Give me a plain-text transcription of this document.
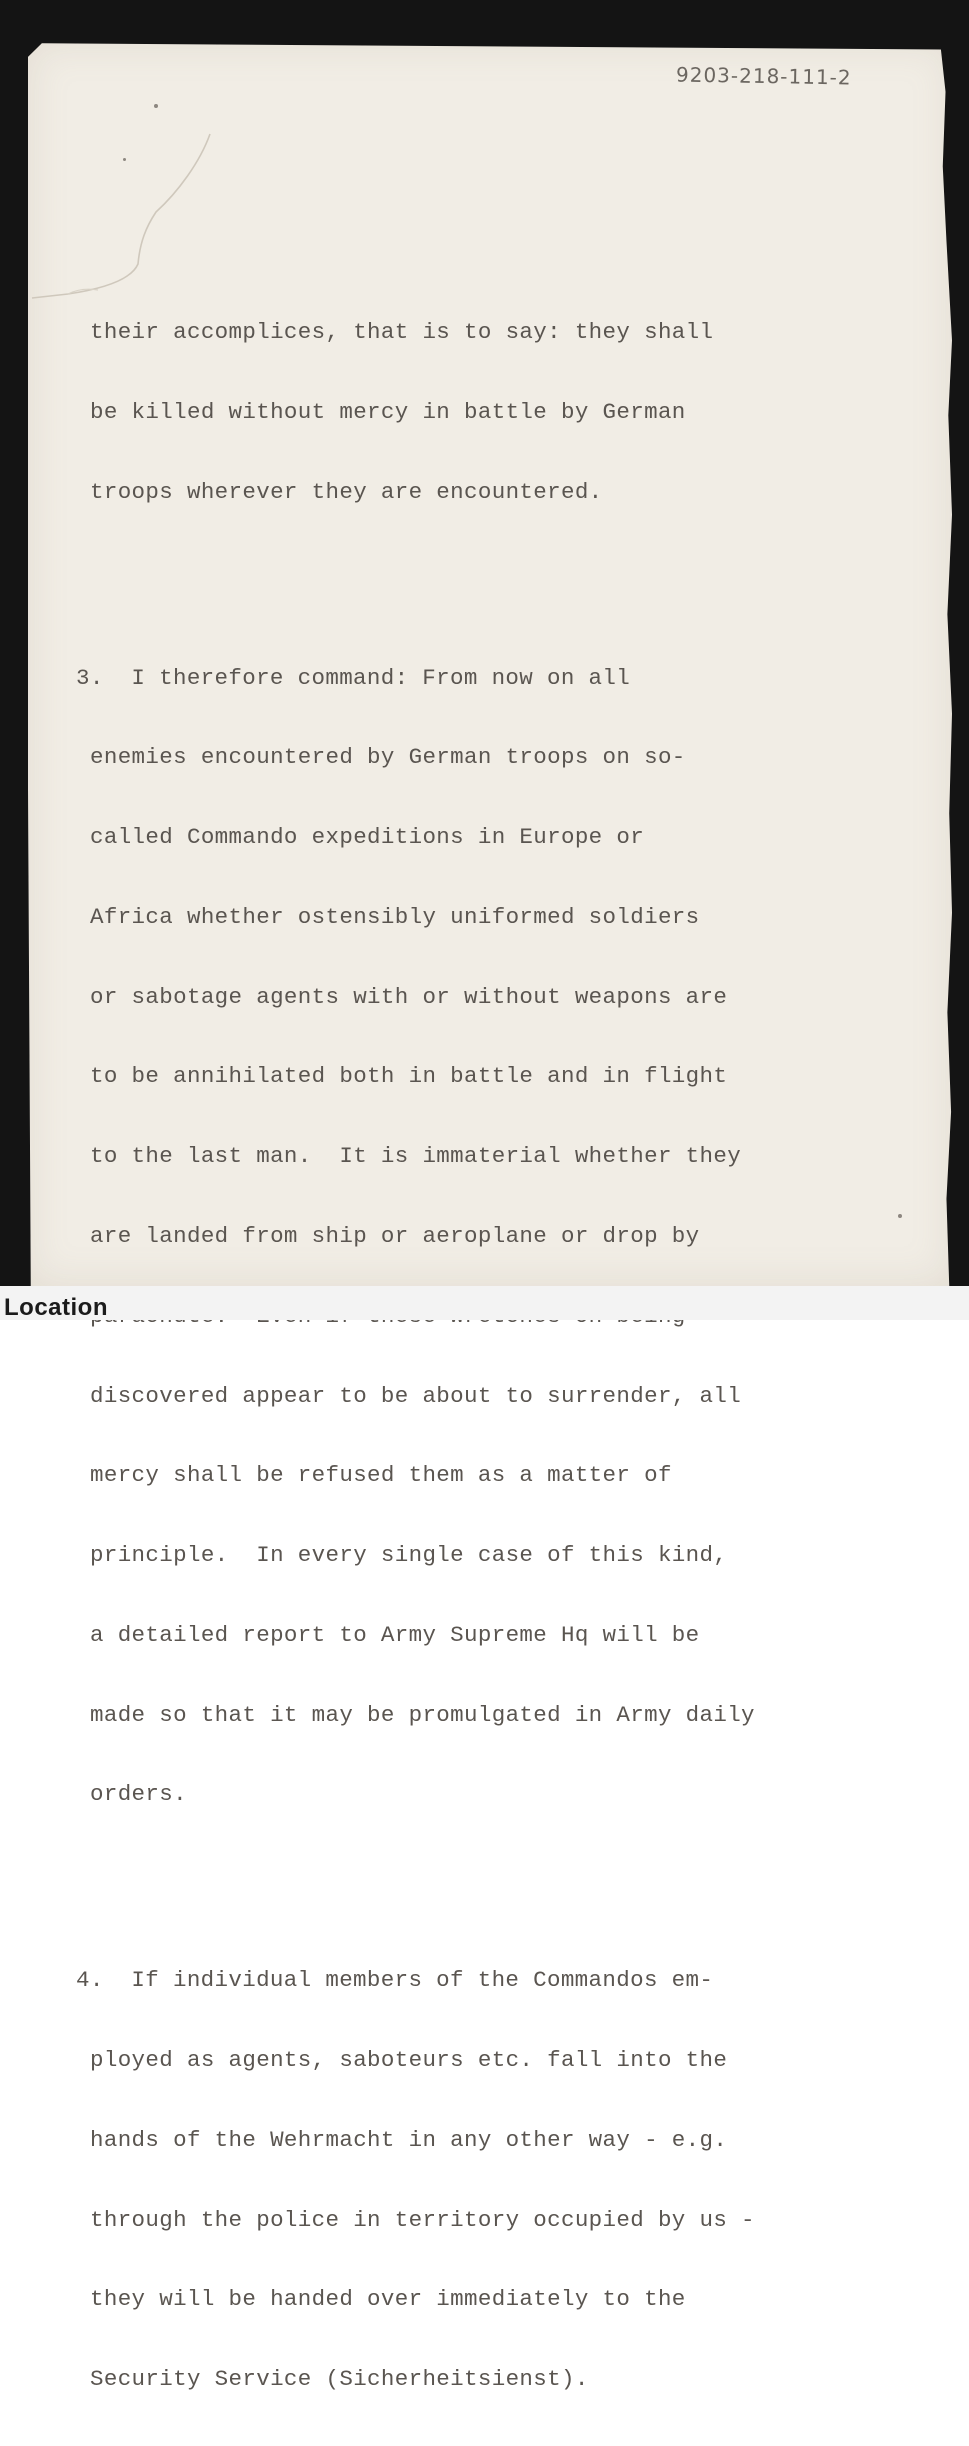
9203-218-111-2

their accomplices, that is to say: they shall

be killed without mercy in battle by German

troops wherever they are encountered.

3.  I therefore command: From now on all

enemies encountered by German troops on so-

called Commando expeditions in Europe or

Africa whether ostensibly uniformed soldiers

or sabotage agents with or without weapons are

to be annihilated both in battle and in flight

to the last man.  It is immaterial whether they

are landed from ship or aeroplane or drop by

discovered appear to be about to surrender, all

mercy shall be refused them as a matter of

principle.  In every single case of this kind,

a detailed report to Army Supreme Hq will be

made so that it may be promulgated in Army daily

orders.

4.  If individual members of the Commandos em-

ployed as agents, saboteurs etc. fall into the

hands of the Wehrmacht in any other way - e.g.

through the police in territory occupied by us -

they will be handed over immediately to the

Security Service (Sicherheitsienst).

Location
